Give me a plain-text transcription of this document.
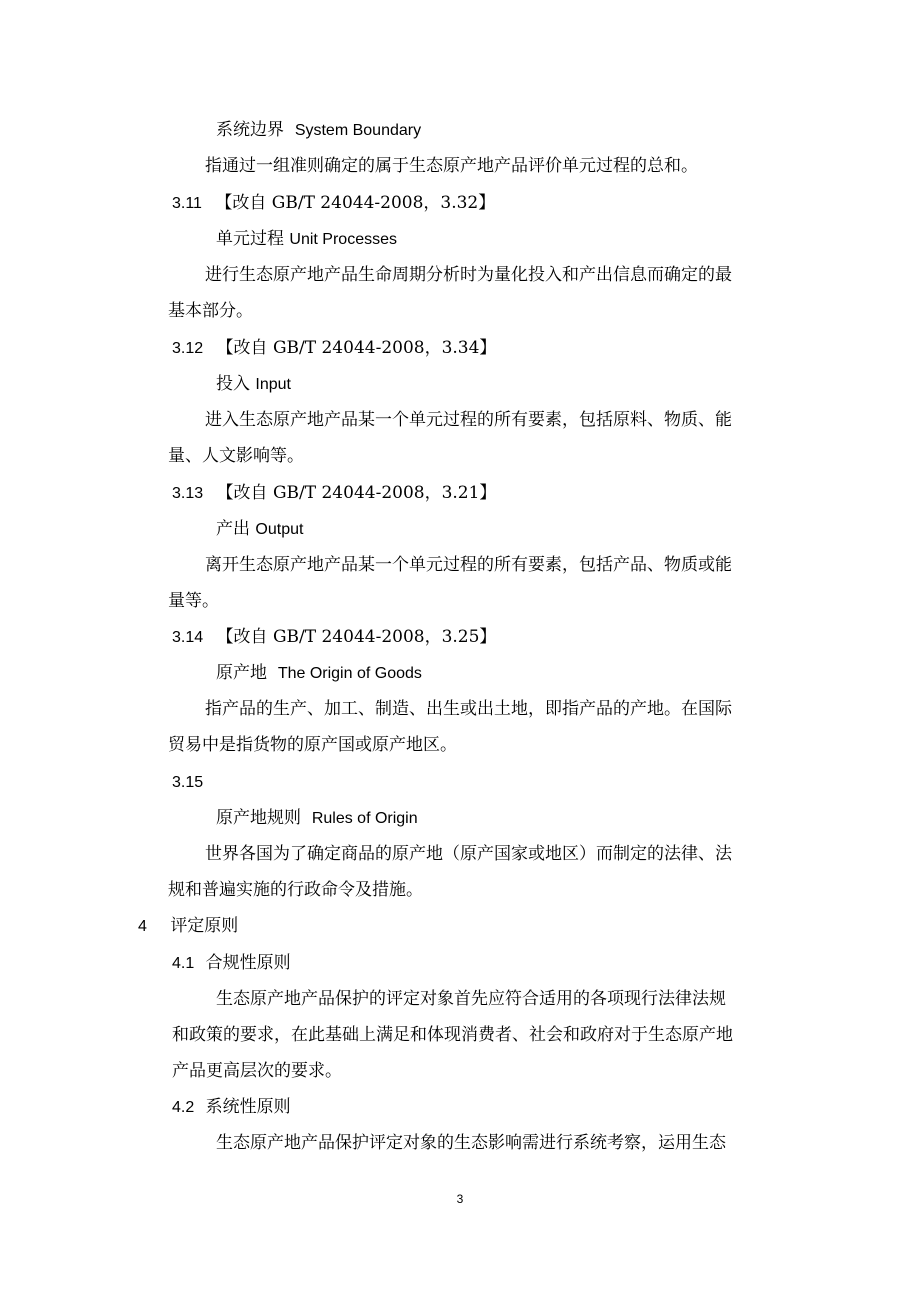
系统边界 System Boundary
指通过一组准则确定的属于生态原产地产品评价单元过程的总和。
3.11 【改自 GB/T 24044-2008，3.32】
单元过程 Unit Processes
进行生态原产地产品生命周期分析时为量化投入和产出信息而确定的最
基本部分。
3.12 【改自 GB/T 24044-2008，3.34】
投入 Input
进入生态原产地产品某一个单元过程的所有要素，包括原料、物质、能
量、人文影响等。
3.13 【改自 GB/T 24044-2008，3.21】
产出 Output
离开生态原产地产品某一个单元过程的所有要素，包括产品、物质或能
量等。
3.14 【改自 GB/T 24044-2008，3.25】
原产地 The Origin of Goods
指产品的生产、加工、制造、出生或出土地，即指产品的产地。在国际
贸易中是指货物的原产国或原产地区。
3.15
原产地规则 Rules of Origin
世界各国为了确定商品的原产地（原产国家或地区）而制定的法律、法
规和普遍实施的行政命令及措施。
4 评定原则
4.1 合规性原则
生态原产地产品保护的评定对象首先应符合适用的各项现行法律法规
和政策的要求，在此基础上满足和体现消费者、社会和政府对于生态原产地
产品更高层次的要求。
4.2 系统性原则
生态原产地产品保护评定对象的生态影响需进行系统考察，运用生态
3
